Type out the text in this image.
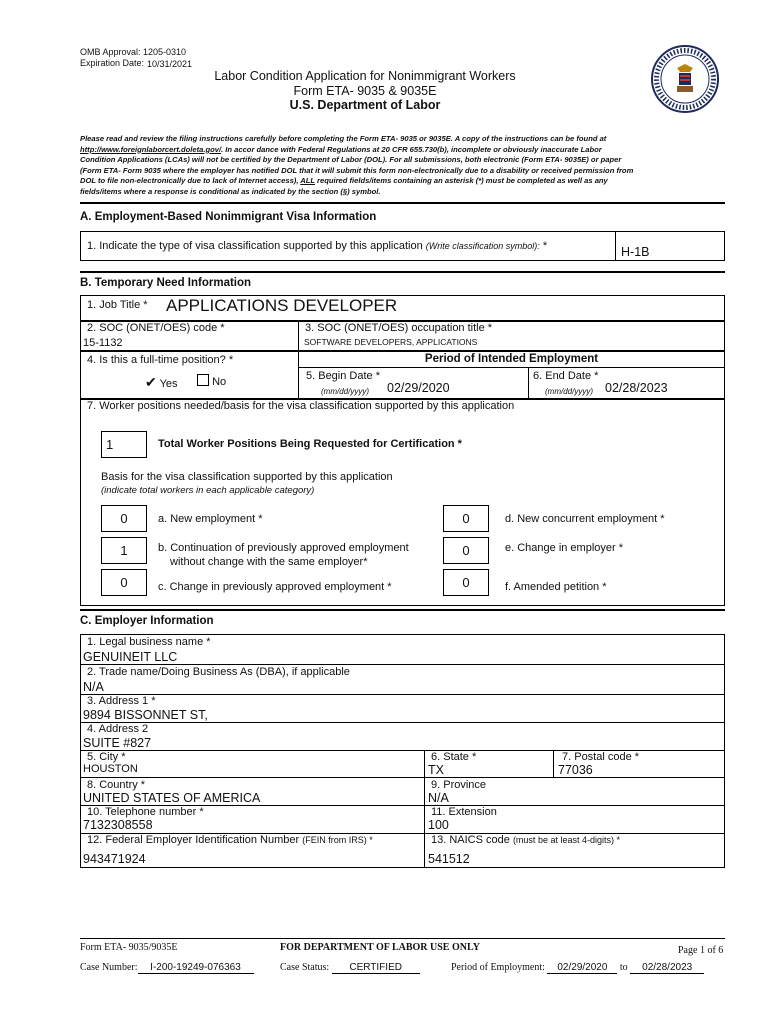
OMB Approval: 1205-0310
Expiration Date: 10/31/2021
Labor Condition Application for Nonimmigrant Workers
Form ETA- 9035 & 9035E
U.S. Department of Labor
Please read and review the filing instructions carefully before completing the Form ETA- 9035 or 9035E. A copy of the instructions can be found at
http://www.foreignlaborcert.doleta.gov/. In accor dance with Federal Regulations at 20 CFR 655.730(b), incomplete or obviously inaccurate Labor
Condition Applications (LCAs) will not be certified by the Department of Labor (DOL). For all submissions, both electronic (Form ETA- 9035E) or paper
(Form ETA- Form 9035 where the employer has notified DOL that it will submit this form non-electronically due to a disability or received permission from
DOL to file non-electronically due to lack of Internet access), ALL required fields/items containing an asterisk (*) must be completed as well as any
fields/items where a response is conditional as indicated by the section (§) symbol.
A. Employment-Based Nonimmigrant Visa Information
1. Indicate the type of visa classification supported by this application (Write classification symbol): *	H-1B
B. Temporary Need Information
1. Job Title * APPLICATIONS DEVELOPER
2. SOC (ONET/OES) code *
15-1132
3. SOC (ONET/OES) occupation title *
SOFTWARE DEVELOPERS, APPLICATIONS
4. Is this a full-time position? *
✔ Yes	No
Period of Intended Employment
5. Begin Date *
(mm/dd/yyyy) 02/29/2020
6. End Date *
(mm/dd/yyyy) 02/28/2023
7. Worker positions needed/basis for the visa classification supported by this application
1	Total Worker Positions Being Requested for Certification *
Basis for the visa classification supported by this application
(indicate total workers in each applicable category)
0	a. New employment *
1	b. Continuation of previously approved employment
without change with the same employer*
0	c. Change in previously approved employment *
0	d. New concurrent employment *
0	e. Change in employer *
0	f. Amended petition *
C. Employer Information
1. Legal business name *
GENUINEIT LLC
2. Trade name/Doing Business As (DBA), if applicable
N/A
3. Address 1 *
9894 BISSONNET ST,
4. Address 2
SUITE #827
5. City *
HOUSTON
6. State *
TX
7. Postal code *
77036
8. Country *
UNITED STATES OF AMERICA
9. Province
N/A
10. Telephone number *
7132308558
11. Extension
100
12. Federal Employer Identification Number (FEIN from IRS) *
943471924
13. NAICS code (must be at least 4-digits) *
541512
Form ETA- 9035/9035E	FOR DEPARTMENT OF LABOR USE ONLY	Page 1 of 6
Case Number: I-200-19249-076363	Case Status: CERTIFIED	Period of Employment: 02/29/2020 to 02/28/2023
